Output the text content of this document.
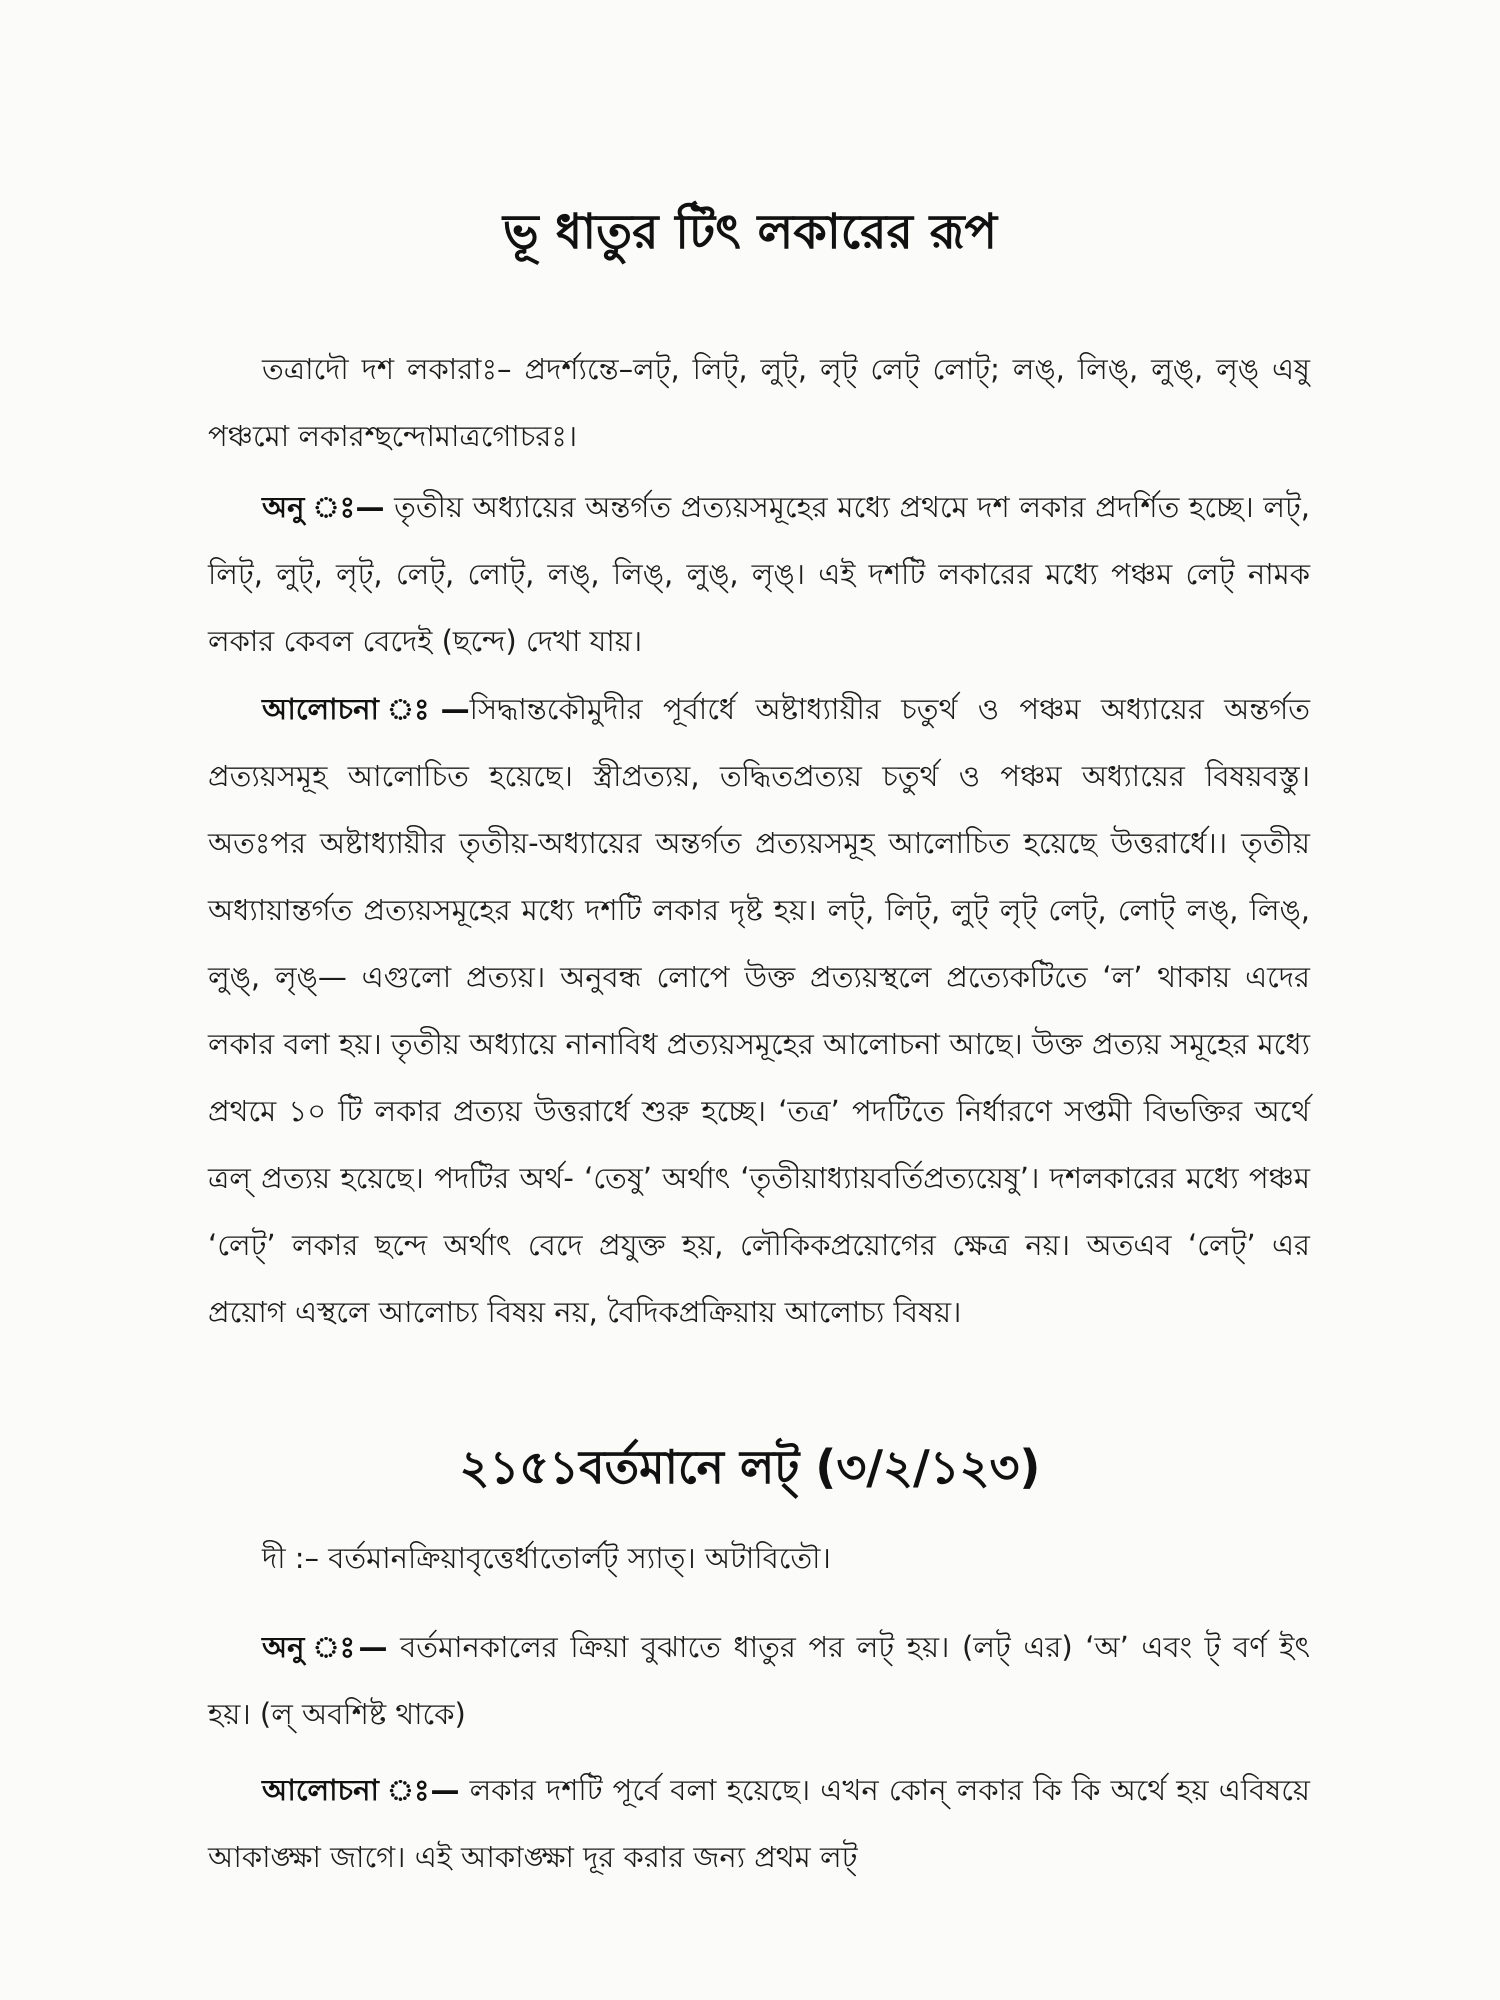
ভূ ধাতুর টিৎ লকারের রূপ

তত্রাদৌ দশ লকারাঃ– প্রদর্শ্যন্তে–লট্, লিট্, লুট্, লৃট্ লেট্ লোট্; লঙ্, লিঙ্, লুঙ্, লৃঙ্ এষু পঞ্চমো লকারশ্ছন্দোমাত্রগোচরঃ।

অনু ঃ— তৃতীয় অধ্যায়ের অন্তর্গত প্রত্যয়সমূহের মধ্যে প্রথমে দশ লকার প্রদর্শিত হচ্ছে। লট্, লিট্, লুট্, লৃট্, লেট্, লোট্, লঙ্, লিঙ্, লুঙ্, লৃঙ্। এই দশটি লকারের মধ্যে পঞ্চম লেট্ নামক লকার কেবল বেদেই (ছন্দে) দেখা যায়।

আলোচনা ঃ—সিদ্ধান্তকৌমুদীর পূর্বার্ধে অষ্টাধ্যায়ীর চতুর্থ ও পঞ্চম অধ্যায়ের অন্তর্গত প্রত্যয়সমূহ আলোচিত হয়েছে। স্ত্রীপ্রত্যয়, তদ্ধিতপ্রত্যয় চতুর্থ ও পঞ্চম অধ্যায়ের বিষয়বস্তু। অতঃপর অষ্টাধ্যায়ীর তৃতীয়-অধ্যায়ের অন্তর্গত প্রত্যয়সমূহ আলোচিত হয়েছে উত্তরার্ধে।। তৃতীয় অধ্যায়ান্তর্গত প্রত্যয়সমূহের মধ্যে দশটি লকার দৃষ্ট হয়। লট্, লিট্, লুট্ লৃট্ লেট্, লোট্ লঙ্, লিঙ্, লুঙ্, লৃঙ্— এগুলো প্রত্যয়। অনুবন্ধ লোপে উক্ত প্রত্যয়স্থলে প্রত্যেকটিতে ‘ল’ থাকায় এদের লকার বলা হয়। তৃতীয় অধ্যায়ে নানাবিধ প্রত্যয়সমূহের আলোচনা আছে। উক্ত প্রত্যয় সমূহের মধ্যে প্রথমে ১০ টি লকার প্রত্যয় উত্তরার্ধে শুরু হচ্ছে। ‘তত্র’ পদটিতে নির্ধারণে সপ্তমী বিভক্তির অর্থে ত্রল্ প্রত্যয় হয়েছে। পদটির অর্থ- ‘তেষু’ অর্থাৎ ‘তৃতীয়াধ্যায়বর্তিপ্রত্যয়েষু’। দশলকারের মধ্যে পঞ্চম ‘লেট্’ লকার ছন্দে অর্থাৎ বেদে প্রযুক্ত হয়, লৌকিকপ্রয়োগের ক্ষেত্র নয়। অতএব ‘লেট্’ এর প্রয়োগ এস্থলে আলোচ্য বিষয় নয়, বৈদিকপ্রক্রিয়ায় আলোচ্য বিষয়।

২১৫১বর্তমানে লট্ (৩/২/১২৩)

দী :– বর্তমানক্রিয়াবৃত্তের্ধাতোর্লট্ স্যাত্। অটাবিতৌ।

অনু ঃ— বর্তমানকালের ক্রিয়া বুঝাতে ধাতুর পর লট্ হয়। (লট্ এর) ‘অ’ এবং ট্ বর্ণ ইৎ হয়। (ল্ অবশিষ্ট থাকে)

আলোচনা ঃ— লকার দশটি পূর্বে বলা হয়েছে। এখন কোন্ লকার কি কি অর্থে হয় এবিষয়ে আকাঙ্ক্ষা জাগে। এই আকাঙ্ক্ষা দূর করার জন্য প্রথম লট্
